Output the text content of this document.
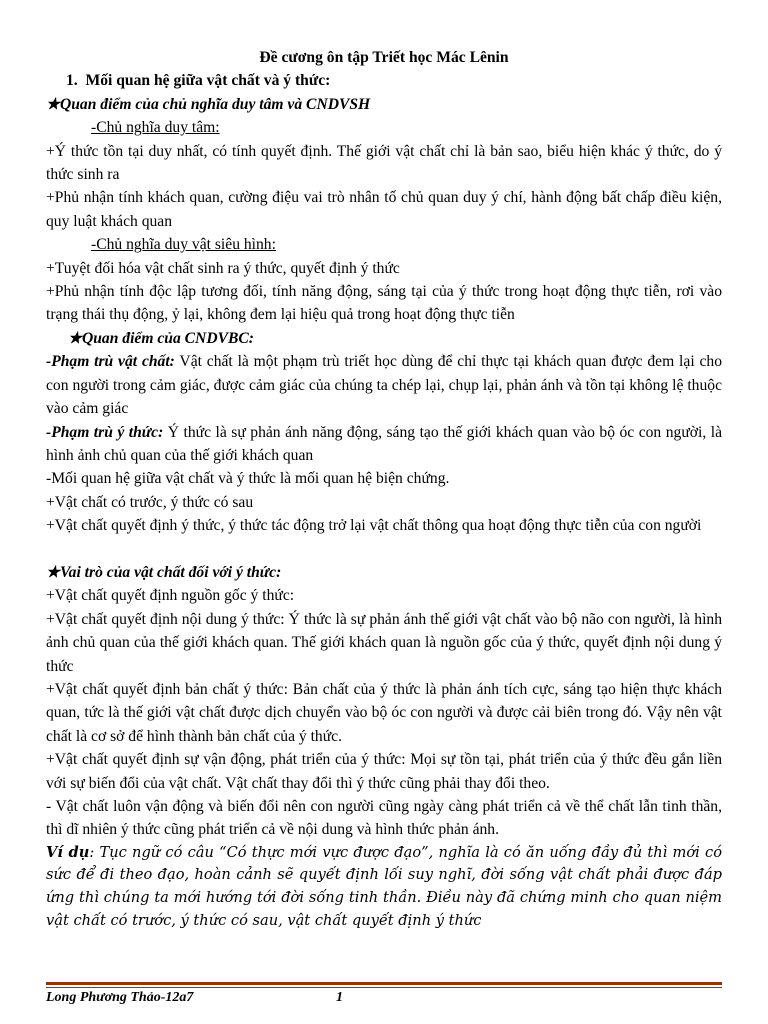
Đề cương ôn tập Triết học Mác Lênin
1. Mối quan hệ giữa vật chất và ý thức:
★Quan điểm của chủ nghĩa duy tâm và CNDVSH
-Chủ nghĩa duy tâm:
+Ý thức tồn tại duy nhất, có tính quyết định. Thế giới vật chất chỉ là bản sao, biểu hiện khác ý thức, do ý thức sinh ra
+Phủ nhận tính khách quan, cường điệu vai trò nhân tố chủ quan duy ý chí, hành động bất chấp điều kiện, quy luật khách quan
-Chủ nghĩa duy vật siêu hình:
+Tuyệt đối hóa vật chất sinh ra ý thức, quyết định ý thức
+Phủ nhận tính độc lập tương đối, tính năng động, sáng tại của ý thức trong hoạt động thực tiễn, rơi vào trạng thái thụ động, ỷ lại, không đem lại hiệu quả trong hoạt động thực tiễn
★Quan điểm của CNDVBC:
-Phạm trù vật chất: Vật chất là một phạm trù triết học dùng để chỉ thực tại khách quan được đem lại cho con người trong cảm giác, được cảm giác của chúng ta chép lại, chụp lại, phản ánh và tồn tại không lệ thuộc vào cảm giác
-Phạm trù ý thức: Ý thức là sự phản ánh năng động, sáng tạo thế giới khách quan vào bộ óc con người, là hình ảnh chủ quan của thế giới khách quan
-Mối quan hệ giữa vật chất và ý thức là mối quan hệ biện chứng.
+Vật chất có trước, ý thức có sau
+Vật chất quyết định ý thức, ý thức tác động trở lại vật chất thông qua hoạt động thực tiễn của con người
★Vai trò của vật chất đối với ý thức:
+Vật chất quyết định nguồn gốc ý thức:
+Vật chất quyết định nội dung ý thức: Ý thức là sự phản ánh thế giới vật chất vào bộ não con người, là hình ảnh chủ quan của thế giới khách quan. Thế giới khách quan là nguồn gốc của ý thức, quyết định nội dung ý thức
+Vật chất quyết định bản chất ý thức: Bản chất của ý thức là phản ánh tích cực, sáng tạo hiện thực khách quan, tức là thế giới vật chất được dịch chuyển vào bộ óc con người và được cải biên trong đó. Vậy nên vật chất là cơ sở để hình thành bản chất của ý thức.
+Vật chất quyết định sự vận động, phát triển của ý thức: Mọi sự tồn tại, phát triển của ý thức đều gắn liền với sự biến đổi của vật chất. Vật chất thay đổi thì ý thức cũng phải thay đổi theo.
- Vật chất luôn vận động và biến đổi nên con người cũng ngày càng phát triển cả về thể chất lẫn tinh thần, thì dĩ nhiên ý thức cũng phát triển cả về nội dung và hình thức phản ánh.
Ví dụ: Tục ngữ có câu “Có thực mới vực được đạo”, nghĩa là có ăn uống đầy đủ thì mới có sức để đi theo đạo, hoàn cảnh sẽ quyết định lối suy nghĩ, đời sống vật chất phải được đáp ứng thì chúng ta mới hướng tới đời sống tinh thần. Điều này đã chứng minh cho quan niệm vật chất có trước, ý thức có sau, vật chất quyết định ý thức
Long Phương Thảo-12a7	1
